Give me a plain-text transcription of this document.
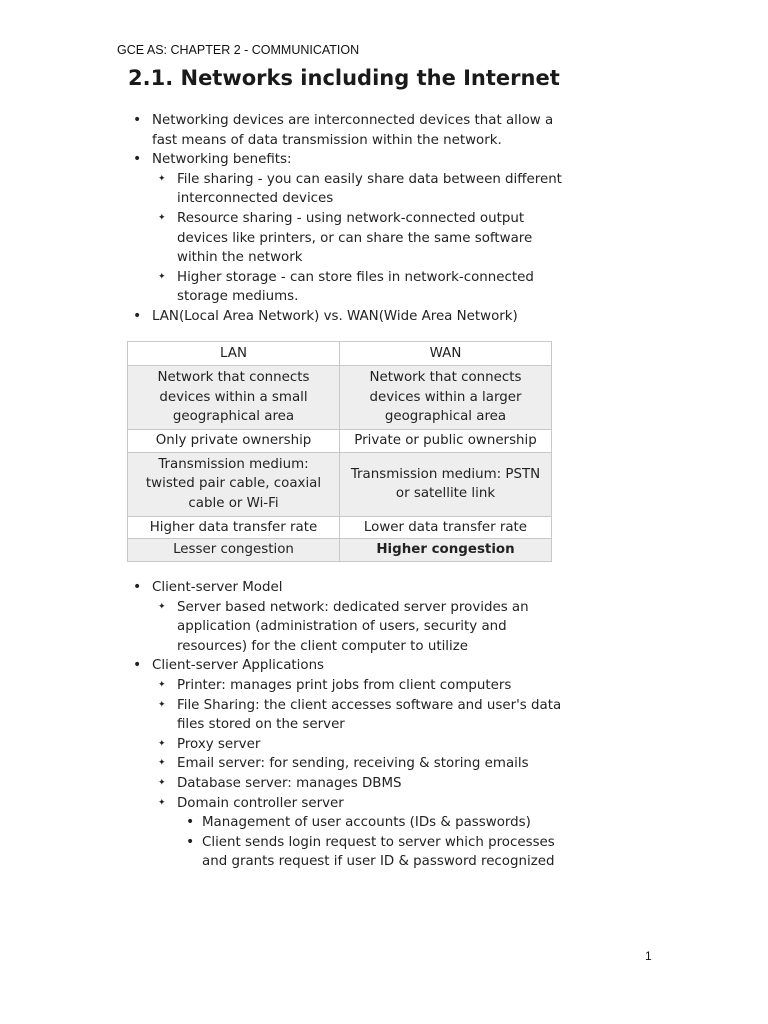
GCE AS: CHAPTER 2 - COMMUNICATION
2.1. Networks including the Internet
• Networking devices are interconnected devices that allow a fast means of data transmission within the network.
• Networking benefits:
✦ File sharing - you can easily share data between different interconnected devices
✦ Resource sharing - using network-connected output devices like printers, or can share the same software within the network
✦ Higher storage - can store files in network-connected storage mediums.
• LAN(Local Area Network) vs. WAN(Wide Area Network)
LAN	WAN
Network that connects devices within a small geographical area	Network that connects devices within a larger geographical area
Only private ownership	Private or public ownership
Transmission medium: twisted pair cable, coaxial cable or Wi-Fi	Transmission medium: PSTN or satellite link
Higher data transfer rate	Lower data transfer rate
Lesser congestion	Higher congestion
• Client-server Model
✦ Server based network: dedicated server provides an application (administration of users, security and resources) for the client computer to utilize
• Client-server Applications
✦ Printer: manages print jobs from client computers
✦ File Sharing: the client accesses software and user's data files stored on the server
✦ Proxy server
✦ Email server: for sending, receiving & storing emails
✦ Database server: manages DBMS
✦ Domain controller server
• Management of user accounts (IDs & passwords)
• Client sends login request to server which processes and grants request if user ID & password recognized
1
